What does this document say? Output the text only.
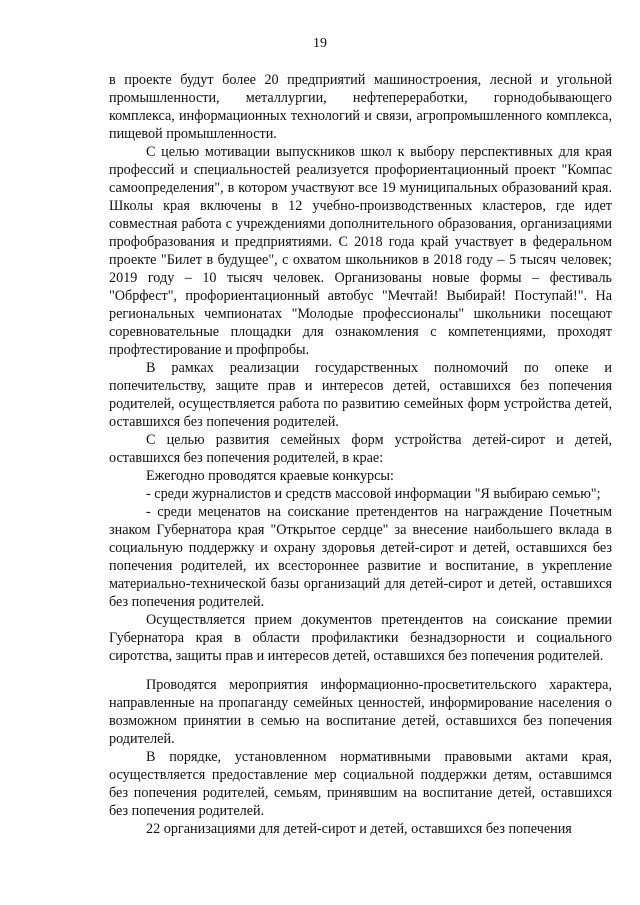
19

в проекте будут более 20 предприятий машиностроения, лесной и угольной промышленности, металлургии, нефтепереработки, горнодобывающего комплекса, информационных технологий и связи, агропромышленного комплекса, пищевой промышленности.

С целью мотивации выпускников школ к выбору перспективных для края профессий и специальностей реализуется профориентационный проект "Компас самоопределения", в котором участвуют все 19 муниципальных образований края. Школы края включены в 12 учебно-производственных кластеров, где идет совместная работа с учреждениями дополнительного образования, организациями профобразования и предприятиями. С 2018 года край участвует в федеральном проекте "Билет в будущее", с охватом школьников в 2018 году – 5 тысяч человек; 2019 году – 10 тысяч человек. Организованы новые формы – фестиваль "Обрфест", профориентационный автобус "Мечтай! Выбирай! Поступай!". На региональных чемпионатах "Молодые профессионалы" школьники посещают соревновательные площадки для ознакомления с компетенциями, проходят профтестирование и профпробы.

В рамках реализации государственных полномочий по опеке и попечительству, защите прав и интересов детей, оставшихся без попечения родителей, осуществляется работа по развитию семейных форм устройства детей, оставшихся без попечения родителей.

С целью развития семейных форм устройства детей-сирот и детей, оставшихся без попечения родителей, в крае:

Ежегодно проводятся краевые конкурсы:

- среди журналистов и средств массовой информации "Я выбираю семью";

- среди меценатов на соискание претендентов на награждение Почетным знаком Губернатора края "Открытое сердце" за внесение наибольшего вклада в социальную поддержку и охрану здоровья детей-сирот и детей, оставшихся без попечения родителей, их всестороннее развитие и воспитание, в укрепление материально-технической базы организаций для детей-сирот и детей, оставшихся без попечения родителей.

Осуществляется прием документов претендентов на соискание премии Губернатора края в области профилактики безнадзорности и социального сиротства, защиты прав и интересов детей, оставшихся без попечения родителей.

Проводятся мероприятия информационно-просветительского характера, направленные на пропаганду семейных ценностей, информирование населения о возможном принятии в семью на воспитание детей, оставшихся без попечения родителей.

В порядке, установленном нормативными правовыми актами края, осуществляется предоставление мер социальной поддержки детям, оставшимся без попечения родителей, семьям, принявшим на воспитание детей, оставшихся без попечения родителей.

22 организациями для детей-сирот и детей, оставшихся без попечения
